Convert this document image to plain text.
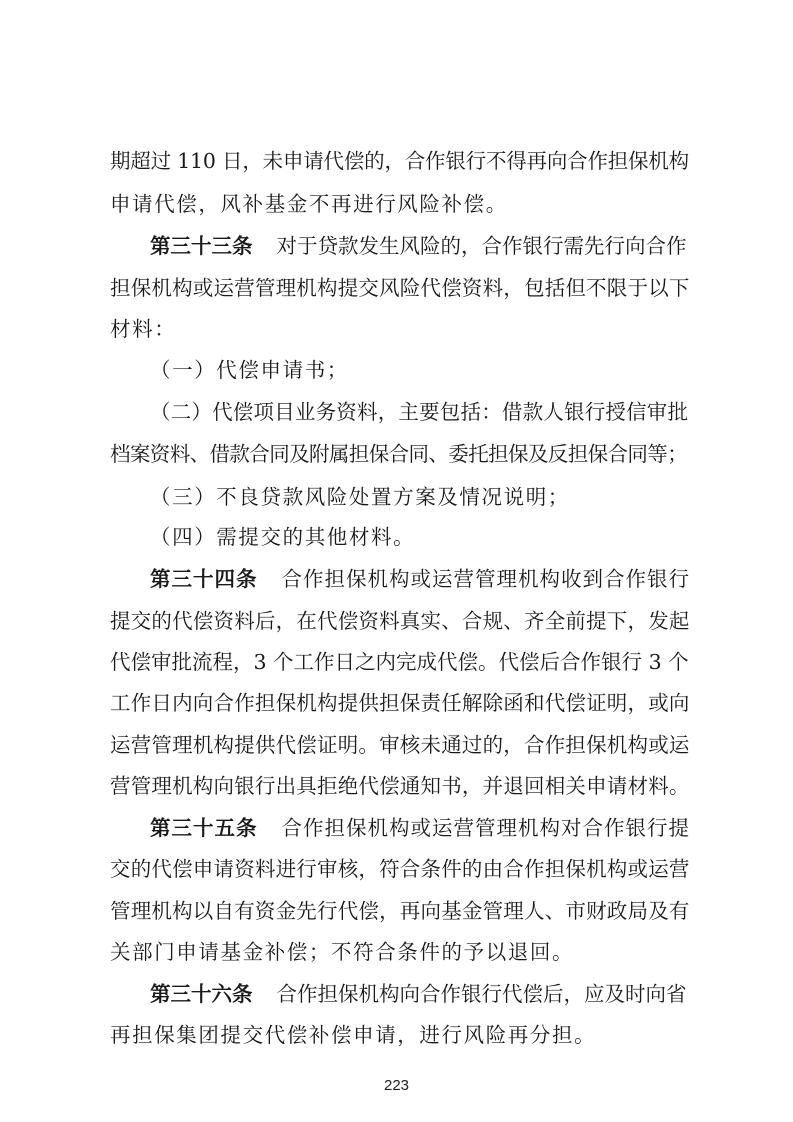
期超过 110 日，未申请代偿的，合作银行不得再向合作担保机构
申请代偿，风补基金不再进行风险补偿。
第三十三条 对于贷款发生风险的，合作银行需先行向合作
担保机构或运营管理机构提交风险代偿资料，包括但不限于以下
材料：
（一）代偿申请书；
（二）代偿项目业务资料，主要包括：借款人银行授信审批
档案资料、借款合同及附属担保合同、委托担保及反担保合同等；
（三）不良贷款风险处置方案及情况说明；
（四）需提交的其他材料。
第三十四条 合作担保机构或运营管理机构收到合作银行
提交的代偿资料后，在代偿资料真实、合规、齐全前提下，发起
代偿审批流程，3 个工作日之内完成代偿。代偿后合作银行 3 个
工作日内向合作担保机构提供担保责任解除函和代偿证明，或向
运营管理机构提供代偿证明。审核未通过的，合作担保机构或运
营管理机构向银行出具拒绝代偿通知书，并退回相关申请材料。
第三十五条 合作担保机构或运营管理机构对合作银行提
交的代偿申请资料进行审核，符合条件的由合作担保机构或运营
管理机构以自有资金先行代偿，再向基金管理人、市财政局及有
关部门申请基金补偿；不符合条件的予以退回。
第三十六条 合作担保机构向合作银行代偿后，应及时向省
再担保集团提交代偿补偿申请，进行风险再分担。
223
